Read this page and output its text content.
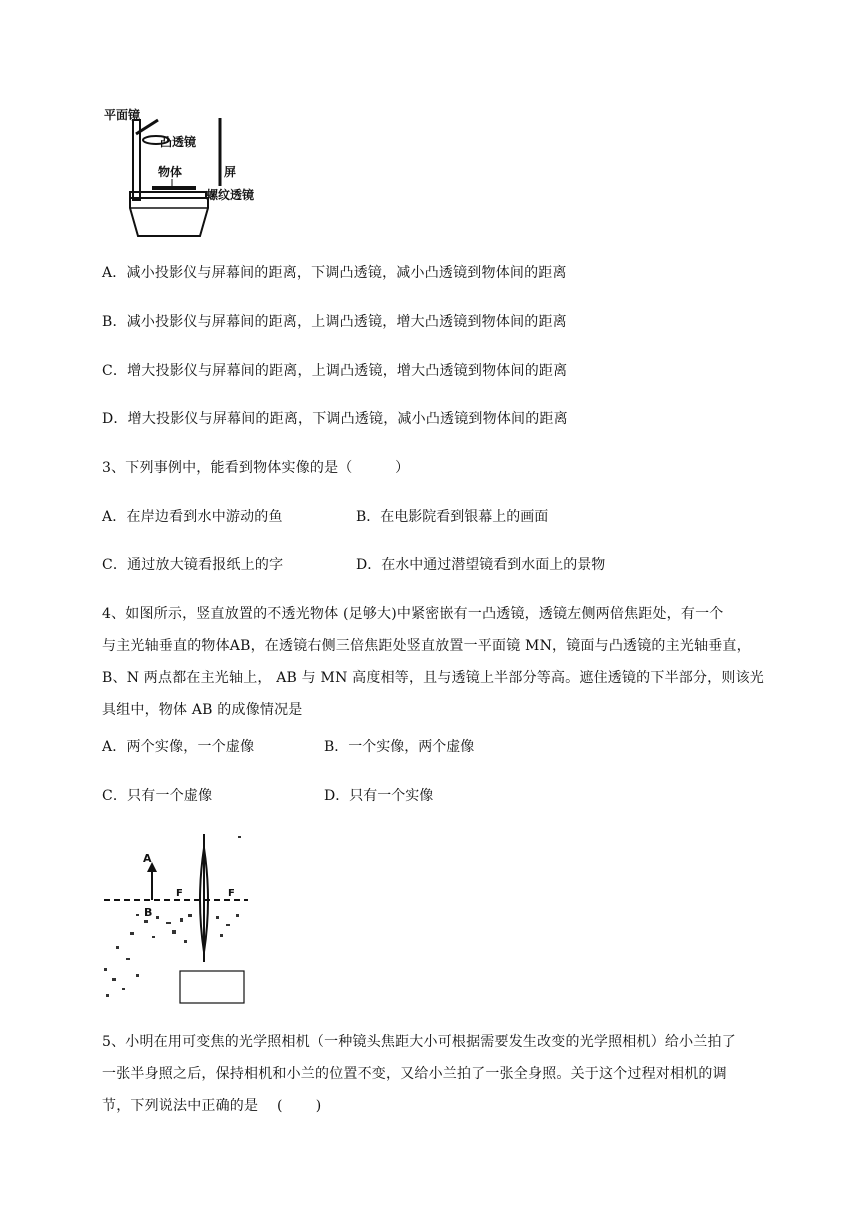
平面镜
凸透镜
物体	屏
螺纹透镜
A．减小投影仪与屏幕间的距离，下调凸透镜，减小凸透镜到物体间的距离
B．减小投影仪与屏幕间的距离，上调凸透镜，增大凸透镜到物体间的距离
C．增大投影仪与屏幕间的距离，上调凸透镜，增大凸透镜到物体间的距离
D．增大投影仪与屏幕间的距离，下调凸透镜，减小凸透镜到物体间的距离
3、下列事例中，能看到物体实像的是（　　　）
A．在岸边看到水中游动的鱼	B．在电影院看到银幕上的画面
C．通过放大镜看报纸上的字	D．在水中通过潜望镜看到水面上的景物
4、如图所示，竖直放置的不透光物体 (足够大)中紧密嵌有一凸透镜，透镜左侧两倍焦距处，有一个
与主光轴垂直的物体AB，在透镜右侧三倍焦距处竖直放置一平面镜 MN，镜面与凸透镜的主光轴垂直，
B、N 两点都在主光轴上， AB 与 MN 高度相等，且与透镜上半部分等高。遮住透镜的下半部分，则该光
具组中，物体 AB 的成像情况是
A．两个实像，一个虚像	B．一个实像，两个虚像
C．只有一个虚像	D．只有一个实像
A
B
F	F
5、小明在用可变焦的光学照相机（一种镜头焦距大小可根据需要发生改变的光学照相机）给小兰拍了
一张半身照之后，保持相机和小兰的位置不变，又给小兰拍了一张全身照。关于这个过程对相机的调
节，下列说法中正确的是　 (　　 )
